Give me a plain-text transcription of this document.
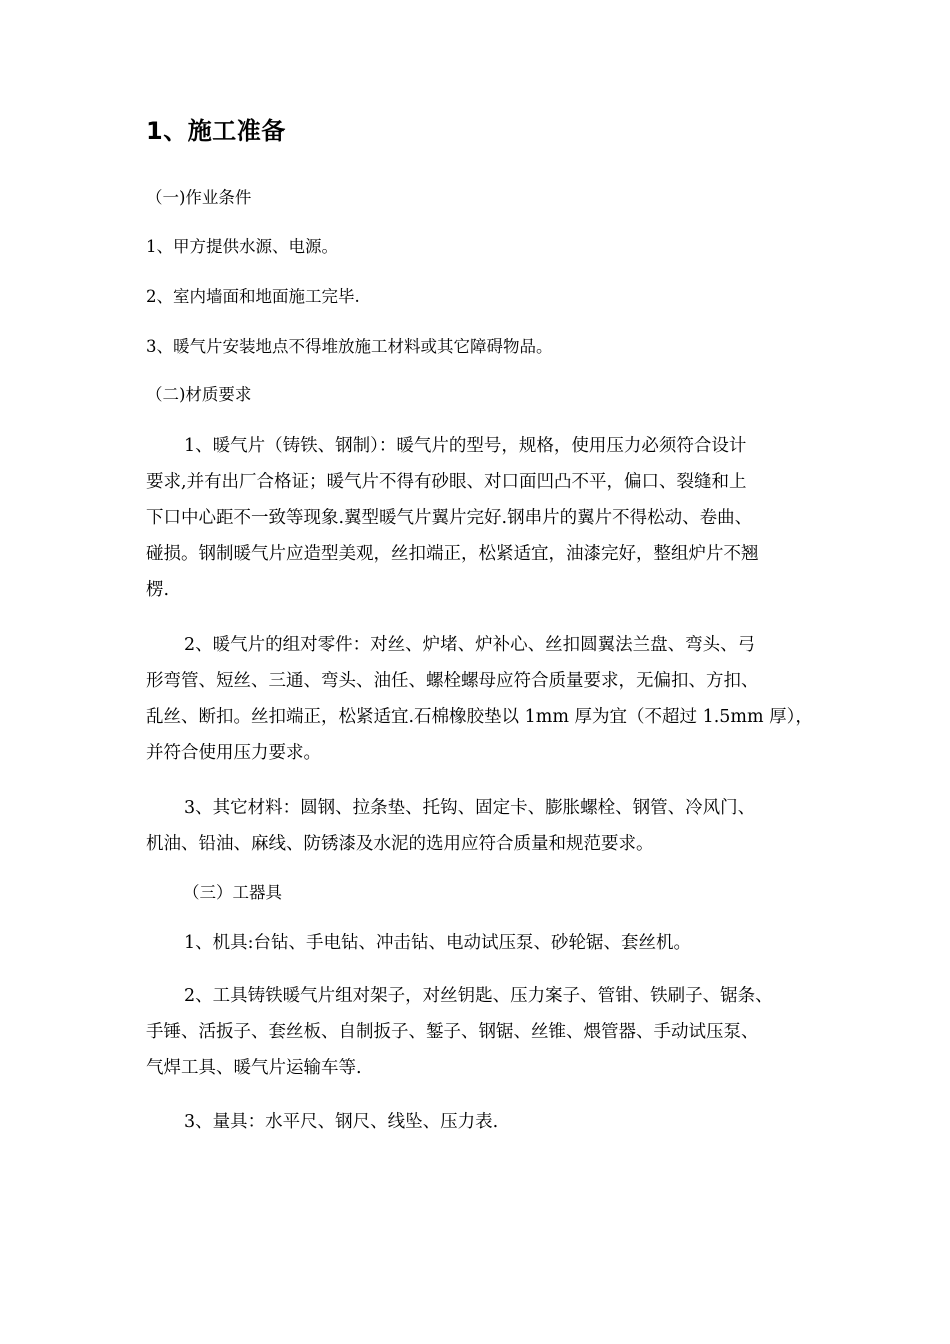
1、施工准备
（一)作业条件
1、甲方提供水源、电源。
2、室内墙面和地面施工完毕.
3、暖气片安装地点不得堆放施工材料或其它障碍物品。
（二)材质要求
1、暖气片（铸铁、钢制）：暖气片的型号，规格，使用压力必须符合设计
要求,并有出厂合格证；暖气片不得有砂眼、对口面凹凸不平，偏口、裂缝和上
下口中心距不一致等现象.翼型暖气片翼片完好.钢串片的翼片不得松动、卷曲、
碰损。钢制暖气片应造型美观，丝扣端正，松紧适宜，油漆完好，整组炉片不翘
楞.
2、暖气片的组对零件：对丝、炉堵、炉补心、丝扣圆翼法兰盘、弯头、弓
形弯管、短丝、三通、弯头、油任、螺栓螺母应符合质量要求，无偏扣、方扣、
乱丝、断扣。丝扣端正，松紧适宜.石棉橡胶垫以 1mm 厚为宜（不超过 1.5mm 厚），
并符合使用压力要求。
3、其它材料：圆钢、拉条垫、托钩、固定卡、膨胀螺栓、钢管、冷风门、
机油、铅油、麻线、防锈漆及水泥的选用应符合质量和规范要求。
（三）工器具
1、机具:台钻、手电钻、冲击钻、电动试压泵、砂轮锯、套丝机。
2、工具铸铁暖气片组对架子，对丝钥匙、压力案子、管钳、铁刷子、锯条、
手锤、活扳子、套丝板、自制扳子、錾子、钢锯、丝锥、煨管器、手动试压泵、
气焊工具、暖气片运输车等.
3、量具：水平尺、钢尺、线坠、压力表.
